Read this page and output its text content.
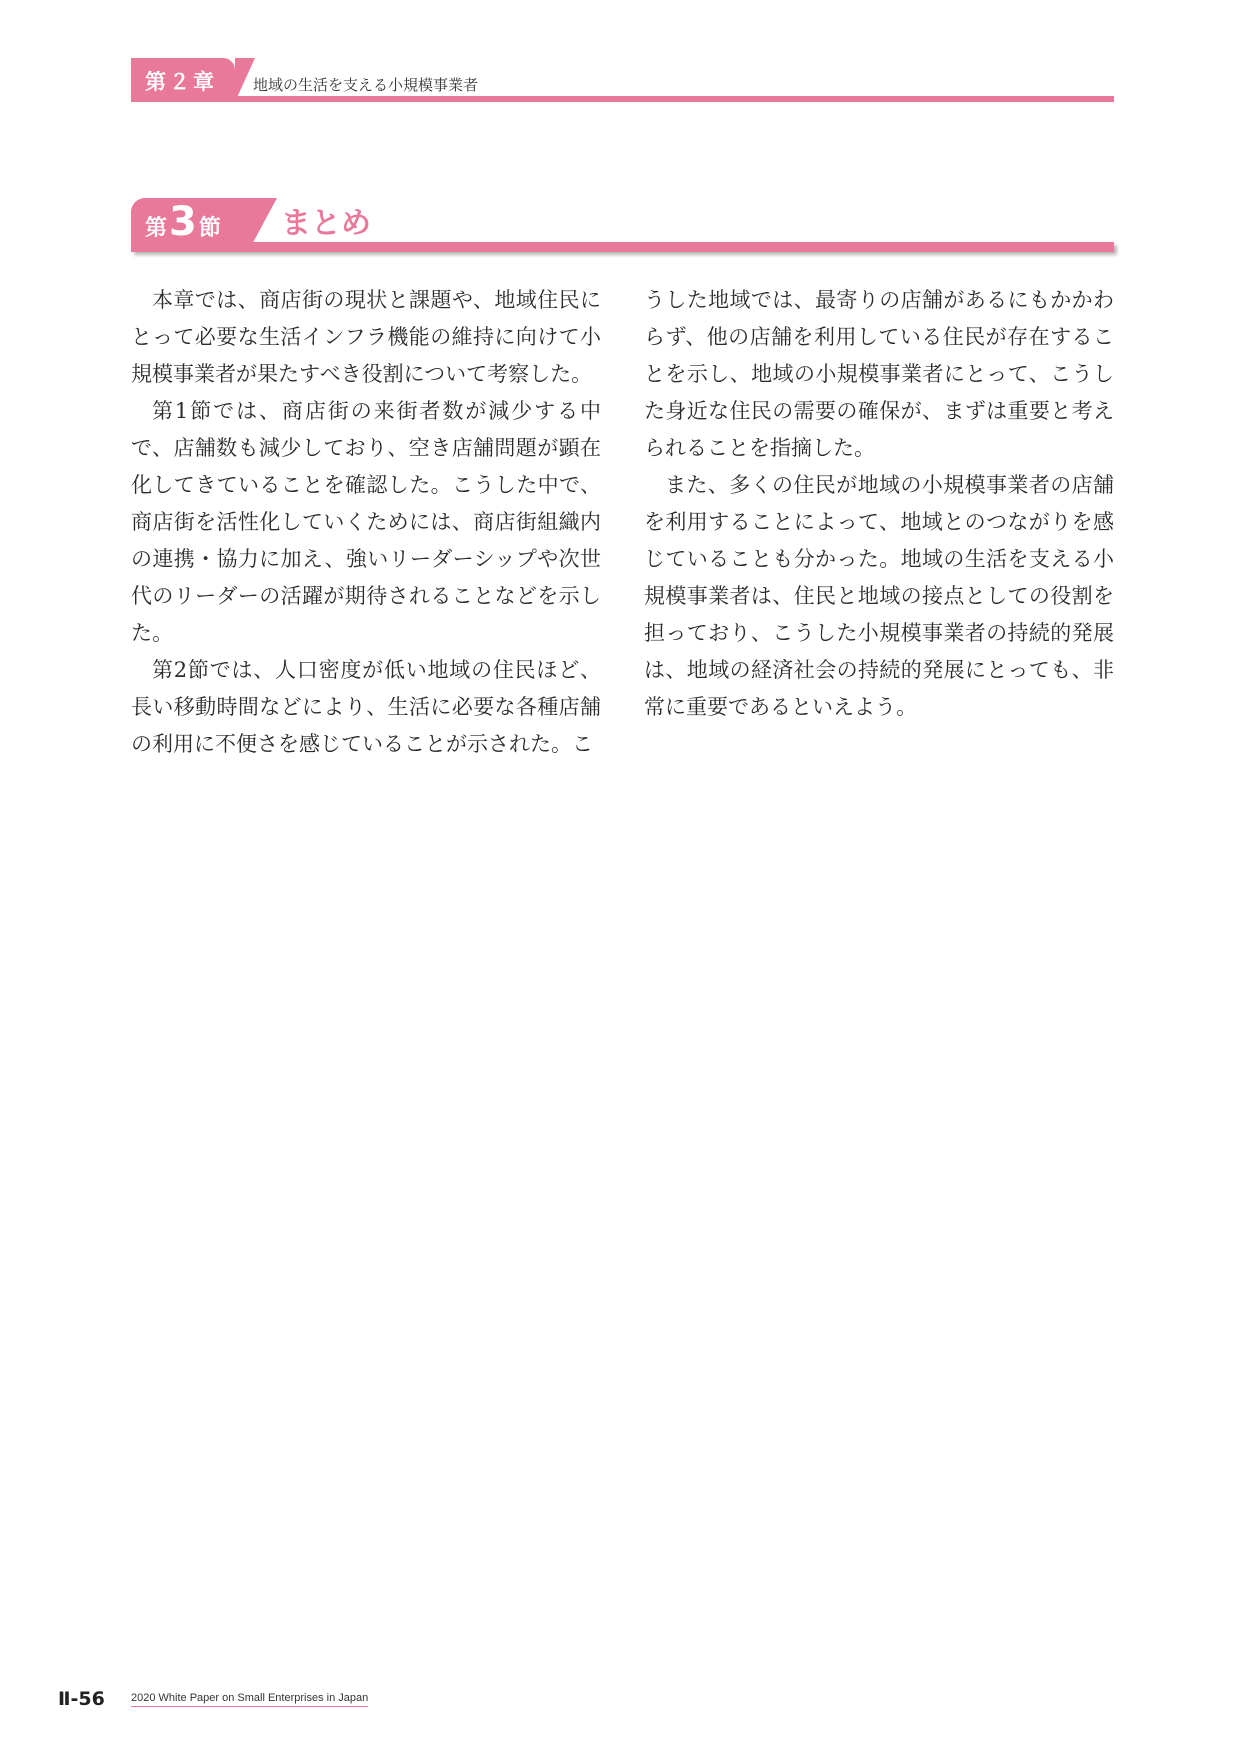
第２章 地域の生活を支える小規模事業者
第3節 まとめ

本章では、商店街の現状と課題や、地域住民にとって必要な生活インフラ機能の維持に向けて小規模事業者が果たすべき役割について考察した。

第1節では、商店街の来街者数が減少する中で、店舗数も減少しており、空き店舗問題が顕在化してきていることを確認した。こうした中で、商店街を活性化していくためには、商店街組織内の連携・協力に加え、強いリーダーシップや次世代のリーダーの活躍が期待されることなどを示した。

第2節では、人口密度が低い地域の住民ほど、長い移動時間などにより、生活に必要な各種店舗の利用に不便さを感じていることが示された。こ

うした地域では、最寄りの店舗があるにもかかわらず、他の店舗を利用している住民が存在することを示し、地域の小規模事業者にとって、こうした身近な住民の需要の確保が、まずは重要と考えられることを指摘した。

また、多くの住民が地域の小規模事業者の店舗を利用することによって、地域とのつながりを感じていることも分かった。地域の生活を支える小規模事業者は、住民と地域の接点としての役割を担っており、こうした小規模事業者の持続的発展は、地域の経済社会の持続的発展にとっても、非常に重要であるといえよう。

Ⅱ-56 2020 White Paper on Small Enterprises in Japan
